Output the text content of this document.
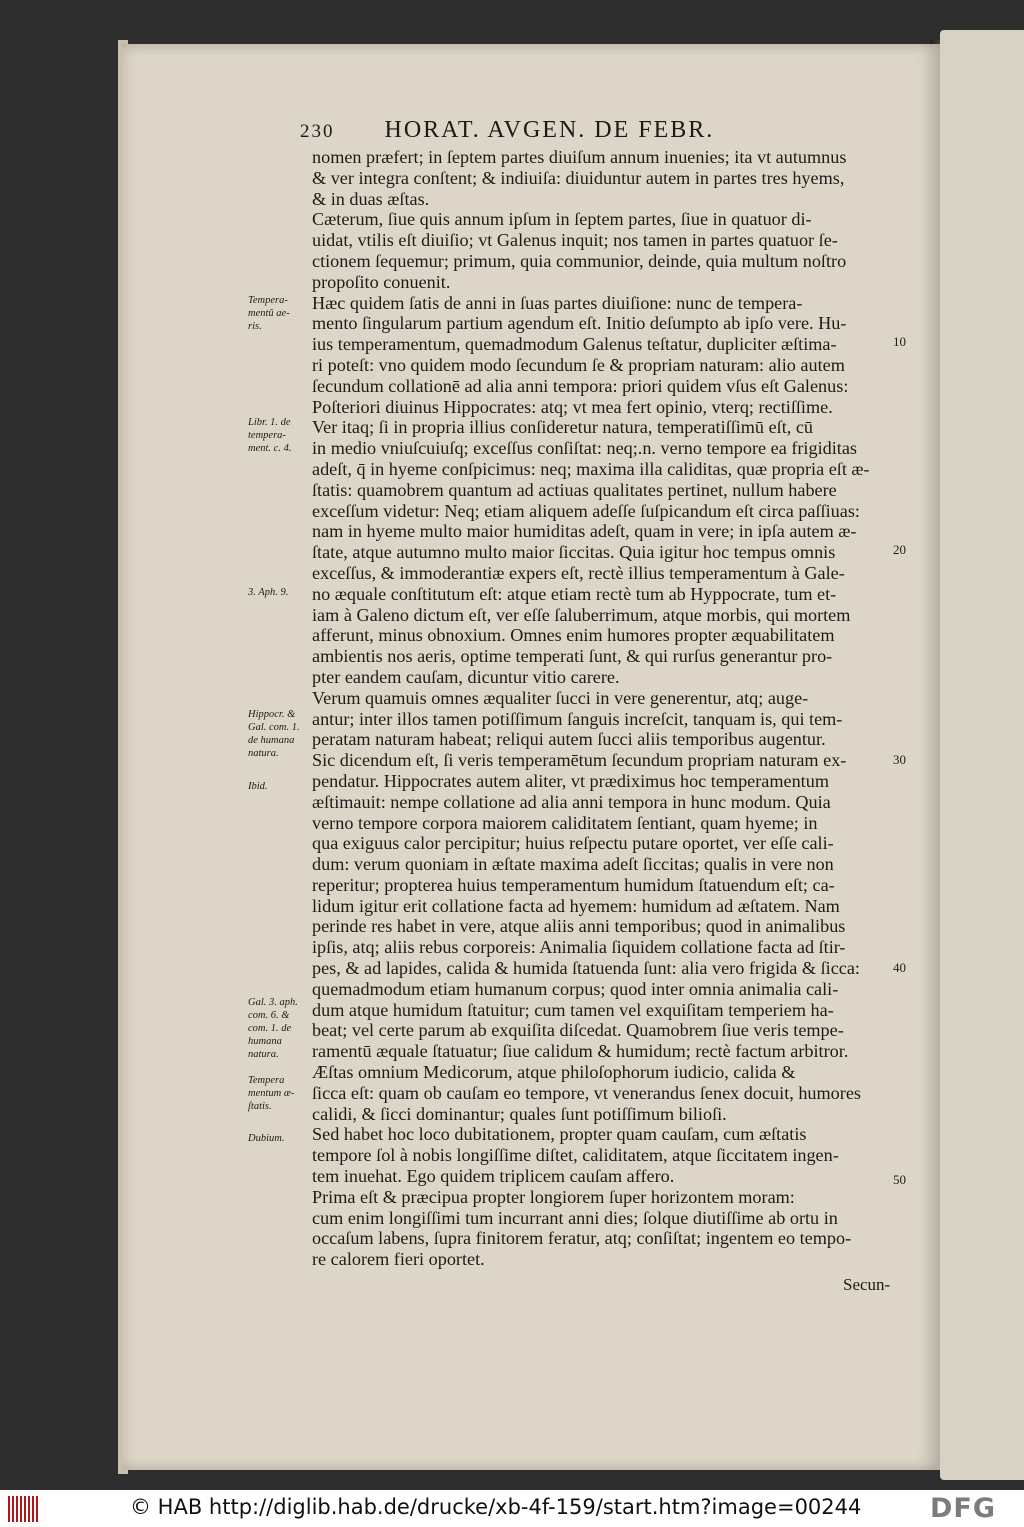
230 HORAT. AVGEN. DE FEBR.
nomen præfert; in ſeptem partes diuiſum annum inuenies; ita vt autumnus
& ver integra conſtent; & indiuiſa: diuiduntur autem in partes tres hyems,
& in duas æſtas.
Cæterum, ſiue quis annum ipſum in ſeptem partes, ſiue in quatuor di-
uidat, vtilis eſt diuiſio; vt Galenus inquit; nos tamen in partes quatuor ſe-
ctionem ſequemur; primum, quia communior, deinde, quia multum noſtro
propoſito conuenit.
Hæc quidem ſatis de anni in ſuas partes diuiſione: nunc de tempera-
mento ſingularum partium agendum eſt. Initio deſumpto ab ipſo vere. Hu-
ius temperamentum, quemadmodum Galenus teſtatur, dupliciter æſtima-
ri poteſt: vno quidem modo ſecundum ſe & propriam naturam: alio autem
ſecundum collationē ad alia anni tempora: priori quidem vſus eſt Galenus:
Poſteriori diuinus Hippocrates: atq; vt mea fert opinio, vterq; rectiſſime.
Ver itaq; ſi in propria illius conſideretur natura, temperatiſſimū eſt, cū
in medio vniuſcuiuſq; exceſſus conſiſtat: neq;.n. verno tempore ea frigiditas
adeſt, q̄ in hyeme conſpicimus: neq; maxima illa caliditas, quæ propria eſt æ-
ſtatis: quamobrem quantum ad actiuas qualitates pertinet, nullum habere
exceſſum videtur: Neq; etiam aliquem adeſſe ſuſpicandum eſt circa paſſiuas:
nam in hyeme multo maior humiditas adeſt, quam in vere; in ipſa autem æ-
ſtate, atque autumno multo maior ſiccitas. Quia igitur hoc tempus omnis
exceſſus, & immoderantiæ expers eſt, rectè illius temperamentum à Gale-
no æquale conſtitutum eſt: atque etiam rectè tum ab Hyppocrate, tum et-
iam à Galeno dictum eſt, ver eſſe ſaluberrimum, atque morbis, qui mortem
afferunt, minus obnoxium. Omnes enim humores propter æquabilitatem
ambientis nos aeris, optime temperati ſunt, & qui rurſus generantur pro-
pter eandem cauſam, dicuntur vitio carere.
Verum quamuis omnes æqualiter ſucci in vere generentur, atq; auge-
antur; inter illos tamen potiſſimum ſanguis increſcit, tanquam is, qui tem-
peratam naturam habeat; reliqui autem ſucci aliis temporibus augentur.
Sic dicendum eſt, ſi veris temperamētum ſecundum propriam naturam ex-
pendatur. Hippocrates autem aliter, vt prædiximus hoc temperamentum
æſtimauit: nempe collatione ad alia anni tempora in hunc modum. Quia
verno tempore corpora maiorem caliditatem ſentiant, quam hyeme; in
qua exiguus calor percipitur; huius reſpectu putare oportet, ver eſſe cali-
dum: verum quoniam in æſtate maxima adeſt ſiccitas; qualis in vere non
reperitur; propterea huius temperamentum humidum ſtatuendum eſt; ca-
lidum igitur erit collatione facta ad hyemem: humidum ad æſtatem. Nam
perinde res habet in vere, atque aliis anni temporibus; quod in animalibus
ipſis, atq; aliis rebus corporeis: Animalia ſiquidem collatione facta ad ſtir-
pes, & ad lapides, calida & humida ſtatuenda ſunt: alia vero frigida & ſicca:
quemadmodum etiam humanum corpus; quod inter omnia animalia cali-
dum atque humidum ſtatuitur; cum tamen vel exquiſitam temperiem ha-
beat; vel certe parum ab exquiſita diſcedat. Quamobrem ſiue veris tempe-
ramentū æquale ſtatuatur; ſiue calidum & humidum; rectè factum arbitror.
Æſtas omnium Medicorum, atque philoſophorum iudicio, calida &
ſicca eſt: quam ob cauſam eo tempore, vt venerandus ſenex docuit, humores
calidi, & ſicci dominantur; quales ſunt potiſſimum bilioſi.
Sed habet hoc loco dubitationem, propter quam cauſam, cum æſtatis
tempore ſol à nobis longiſſime diſtet, caliditatem, atque ſiccitatem ingen-
tem inuehat. Ego quidem triplicem cauſam affero.
Prima eſt & præcipua propter longiorem ſuper horizontem moram:
cum enim longiſſimi tum incurrant anni dies; ſolque diutiſſime ab ortu in
occaſum labens, ſupra finitorem feratur, atq; conſiſtat; ingentem eo tempo-
re calorem fieri oportet.
Tempera-
mentū ae-
ris.
Libr. 1. de
tempera-
ment. c. 4.
3. Aph. 9.
Hippocr. &
Gal. com. 1.
de humana
natura.
Ibid.
Gal. 3. aph.
com. 6. &
com. 1. de
humana
natura.
Tempera
mentum æ-
ſtatis.
Dubium.
10
20
30
40
50
Secun-
© HAB http://diglib.hab.de/drucke/xb-4f-159/start.htm?image=00244	DFG
